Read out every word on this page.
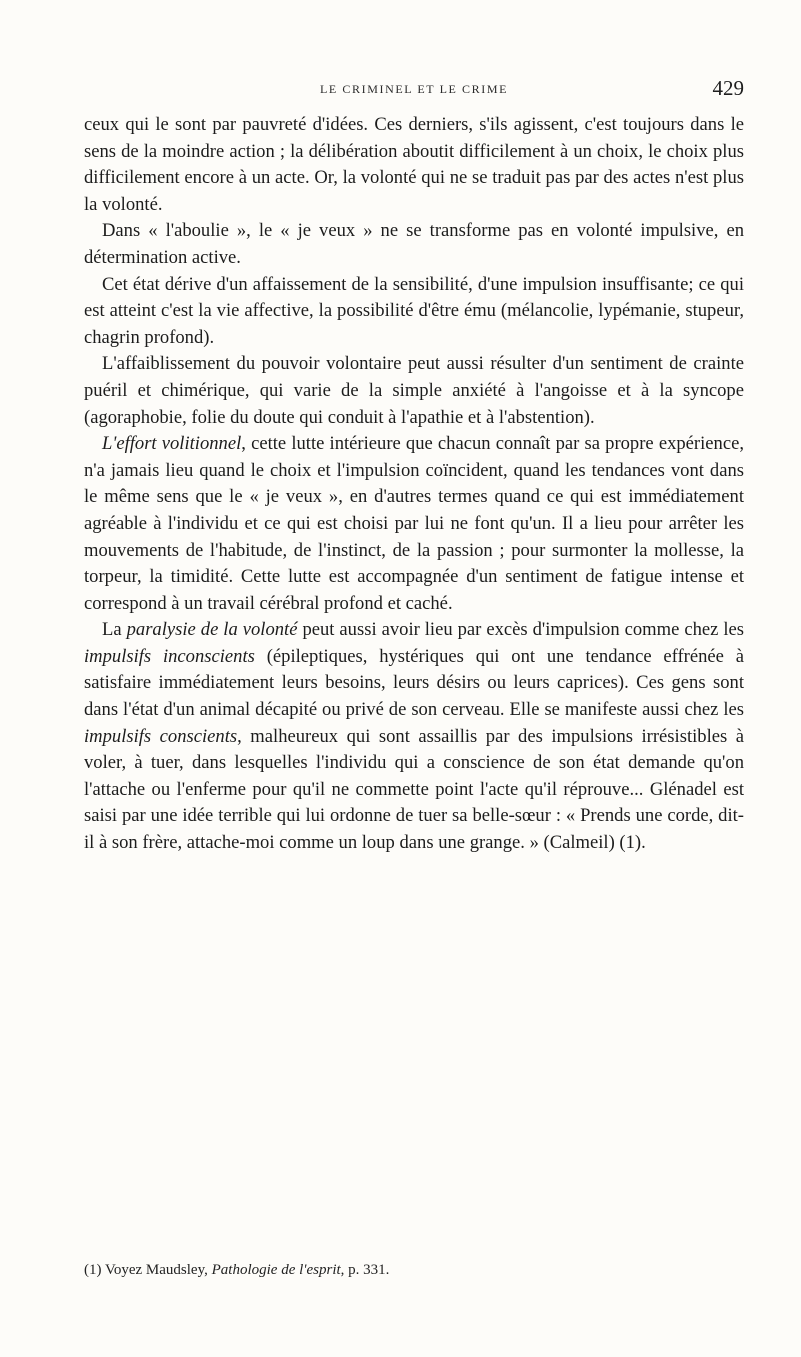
LE CRIMINEL ET LE CRIME	429

ceux qui le sont par pauvreté d'idées. Ces derniers, s'ils agissent, c'est toujours dans le sens de la moindre action ; la délibération aboutit difficilement à un choix, le choix plus difficilement encore à un acte. Or, la volonté qui ne se traduit pas par des actes n'est plus la volonté.

Dans « l'aboulie », le « je veux » ne se transforme pas en volonté impulsive, en détermination active.

Cet état dérive d'un affaissement de la sensibilité, d'une impulsion insuffisante; ce qui est atteint c'est la vie affective, la possibilité d'être ému (mélancolie, lypémanie, stupeur, chagrin profond).

L'affaiblissement du pouvoir volontaire peut aussi résulter d'un sentiment de crainte puéril et chimérique, qui varie de la simple anxiété à l'angoisse et à la syncope (agoraphobie, folie du doute qui conduit à l'apathie et à l'abstention).

L'effort volitionnel, cette lutte intérieure que chacun connaît par sa propre expérience, n'a jamais lieu quand le choix et l'impulsion coïncident, quand les tendances vont dans le même sens que le « je veux », en d'autres termes quand ce qui est immédiatement agréable à l'individu et ce qui est choisi par lui ne font qu'un. Il a lieu pour arrêter les mouvements de l'habitude, de l'instinct, de la passion ; pour surmonter la mollesse, la torpeur, la timidité. Cette lutte est accompagnée d'un sentiment de fatigue intense et correspond à un travail cérébral profond et caché.

La paralysie de la volonté peut aussi avoir lieu par excès d'impulsion comme chez les impulsifs inconscients (épileptiques, hystériques qui ont une tendance effrénée à satisfaire immédiatement leurs besoins, leurs désirs ou leurs caprices). Ces gens sont dans l'état d'un animal décapité ou privé de son cerveau. Elle se manifeste aussi chez les impulsifs conscients, malheureux qui sont assaillis par des impulsions irrésistibles à voler, à tuer, dans lesquelles l'individu qui a conscience de son état demande qu'on l'attache ou l'enferme pour qu'il ne commette point l'acte qu'il réprouve... Glénadel est saisi par une idée terrible qui lui ordonne de tuer sa belle-sœur : « Prends une corde, dit-il à son frère, attache-moi comme un loup dans une grange. » (Calmeil) (1).

(1) Voyez Maudsley, Pathologie de l'esprit, p. 331.
